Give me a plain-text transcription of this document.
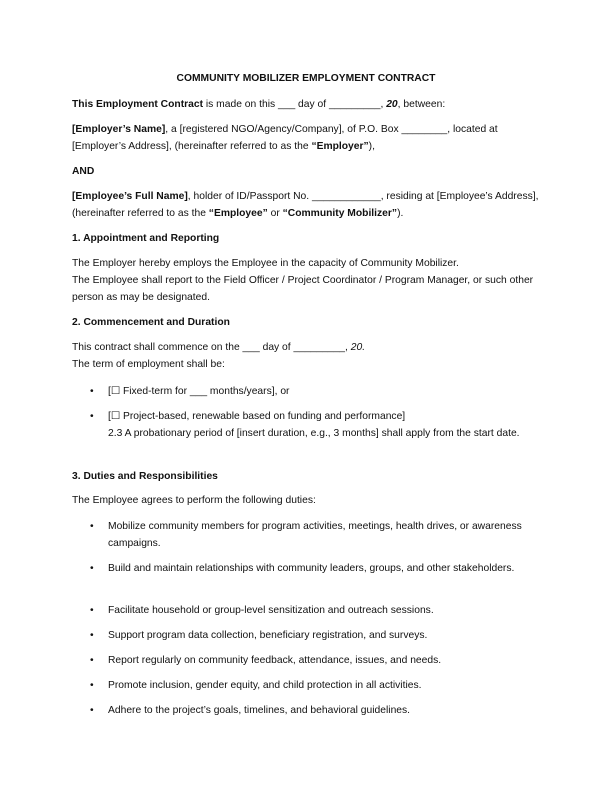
COMMUNITY MOBILIZER EMPLOYMENT CONTRACT

This Employment Contract is made on this ___ day of _________, 20, between:

[Employer’s Name], a [registered NGO/Agency/Company], of P.O. Box ________, located at [Employer’s Address], (hereinafter referred to as the “Employer”),

AND

[Employee’s Full Name], holder of ID/Passport No. ____________, residing at [Employee’s Address], (hereinafter referred to as the “Employee” or “Community Mobilizer”).

1. Appointment and Reporting

The Employer hereby employs the Employee in the capacity of Community Mobilizer.

The Employee shall report to the Field Officer / Project Coordinator / Program Manager, or such other person as may be designated.

2. Commencement and Duration

This contract shall commence on the ___ day of _________, 20.

The term of employment shall be:

• [☐ Fixed-term for ___ months/years], or
• [☐ Project-based, renewable based on funding and performance]
2.3 A probationary period of [insert duration, e.g., 3 months] shall apply from the start date.

3. Duties and Responsibilities

The Employee agrees to perform the following duties:

• Mobilize community members for program activities, meetings, health drives, or awareness campaigns.
• Build and maintain relationships with community leaders, groups, and other stakeholders.
• Facilitate household or group-level sensitization and outreach sessions.
• Support program data collection, beneficiary registration, and surveys.
• Report regularly on community feedback, attendance, issues, and needs.
• Promote inclusion, gender equity, and child protection in all activities.
• Adhere to the project’s goals, timelines, and behavioral guidelines.
